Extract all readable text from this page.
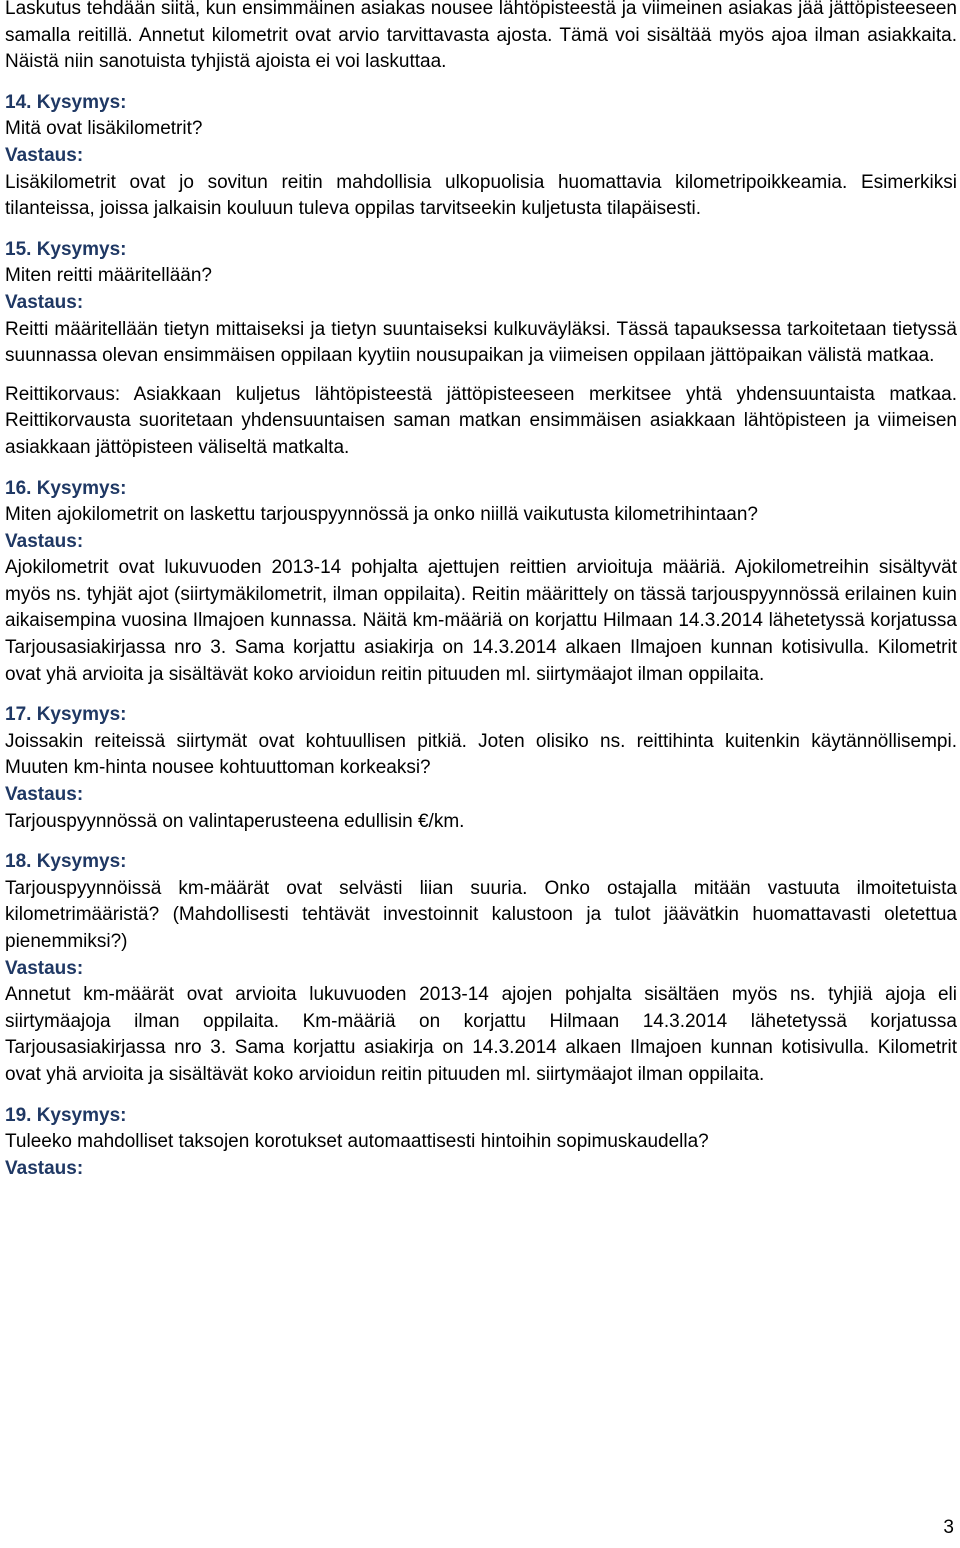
Laskutus tehdään siitä, kun ensimmäinen asiakas nousee lähtöpisteestä ja viimeinen asiakas jää jättöpisteeseen samalla reitillä. Annetut kilometrit ovat arvio tarvittavasta ajosta. Tämä voi sisältää myös ajoa ilman asiakkaita. Näistä niin sanotuista tyhjistä ajoista ei voi laskuttaa.

14. Kysymys:

Mitä ovat lisäkilometrit?

Vastaus:

Lisäkilometrit ovat jo sovitun reitin mahdollisia ulkopuolisia huomattavia kilometripoikkeamia. Esimerkiksi tilanteissa, joissa jalkaisin kouluun tuleva oppilas tarvitseekin kuljetusta tilapäisesti.

15. Kysymys:

Miten reitti määritellään?

Vastaus:

Reitti määritellään tietyn mittaiseksi ja tietyn suuntaiseksi kulkuväyläksi. Tässä tapauksessa tarkoitetaan tietyssä suunnassa olevan ensimmäisen oppilaan kyytiin nousupaikan ja viimeisen oppilaan jättöpaikan välistä matkaa.

Reittikorvaus: Asiakkaan kuljetus lähtöpisteestä jättöpisteeseen merkitsee yhtä yhdensuuntaista matkaa. Reittikorvausta suoritetaan yhdensuuntaisen saman matkan ensimmäisen asiakkaan lähtöpisteen ja viimeisen asiakkaan jättöpisteen väliseltä matkalta.

16. Kysymys:

Miten ajokilometrit on laskettu tarjouspyynnössä ja onko niillä vaikutusta kilometrihintaan?

Vastaus:

Ajokilometrit ovat lukuvuoden 2013-14 pohjalta ajettujen reittien arvioituja määriä. Ajokilometreihin sisältyvät myös ns. tyhjät ajot (siirtymäkilometrit, ilman oppilaita). Reitin määrittely on tässä tarjouspyynnössä erilainen kuin aikaisempina vuosina Ilmajoen kunnassa. Näitä km-määriä on korjattu Hilmaan 14.3.2014 lähetetyssä korjatussa Tarjousasiakirjassa nro 3. Sama korjattu asiakirja on 14.3.2014 alkaen Ilmajoen kunnan kotisivulla. Kilometrit ovat yhä arvioita ja sisältävät koko arvioidun reitin pituuden ml. siirtymäajot ilman oppilaita.

17. Kysymys:

Joissakin reiteissä siirtymät ovat kohtuullisen pitkiä. Joten olisiko ns. reittihinta kuitenkin käytännöllisempi. Muuten km-hinta nousee kohtuuttoman korkeaksi?

Vastaus:

Tarjouspyynnössä on valintaperusteena edullisin €/km.

18. Kysymys:

Tarjouspyynnöissä km-määrät ovat selvästi liian suuria. Onko ostajalla mitään vastuuta ilmoitetuista kilometrimääristä? (Mahdollisesti tehtävät investoinnit kalustoon ja tulot jäävätkin huomattavasti oletettua pienemmiksi?)

Vastaus:

Annetut km-määrät ovat arvioita lukuvuoden 2013-14 ajojen pohjalta sisältäen myös ns. tyhjiä ajoja eli siirtymäajoja ilman oppilaita. Km-määriä on korjattu Hilmaan 14.3.2014 lähetetyssä korjatussa Tarjousasiakirjassa nro 3. Sama korjattu asiakirja on 14.3.2014 alkaen Ilmajoen kunnan kotisivulla. Kilometrit ovat yhä arvioita ja sisältävät koko arvioidun reitin pituuden ml. siirtymäajot ilman oppilaita.

19. Kysymys:

Tuleeko mahdolliset taksojen korotukset automaattisesti hintoihin sopimuskaudella?

Vastaus:

3
